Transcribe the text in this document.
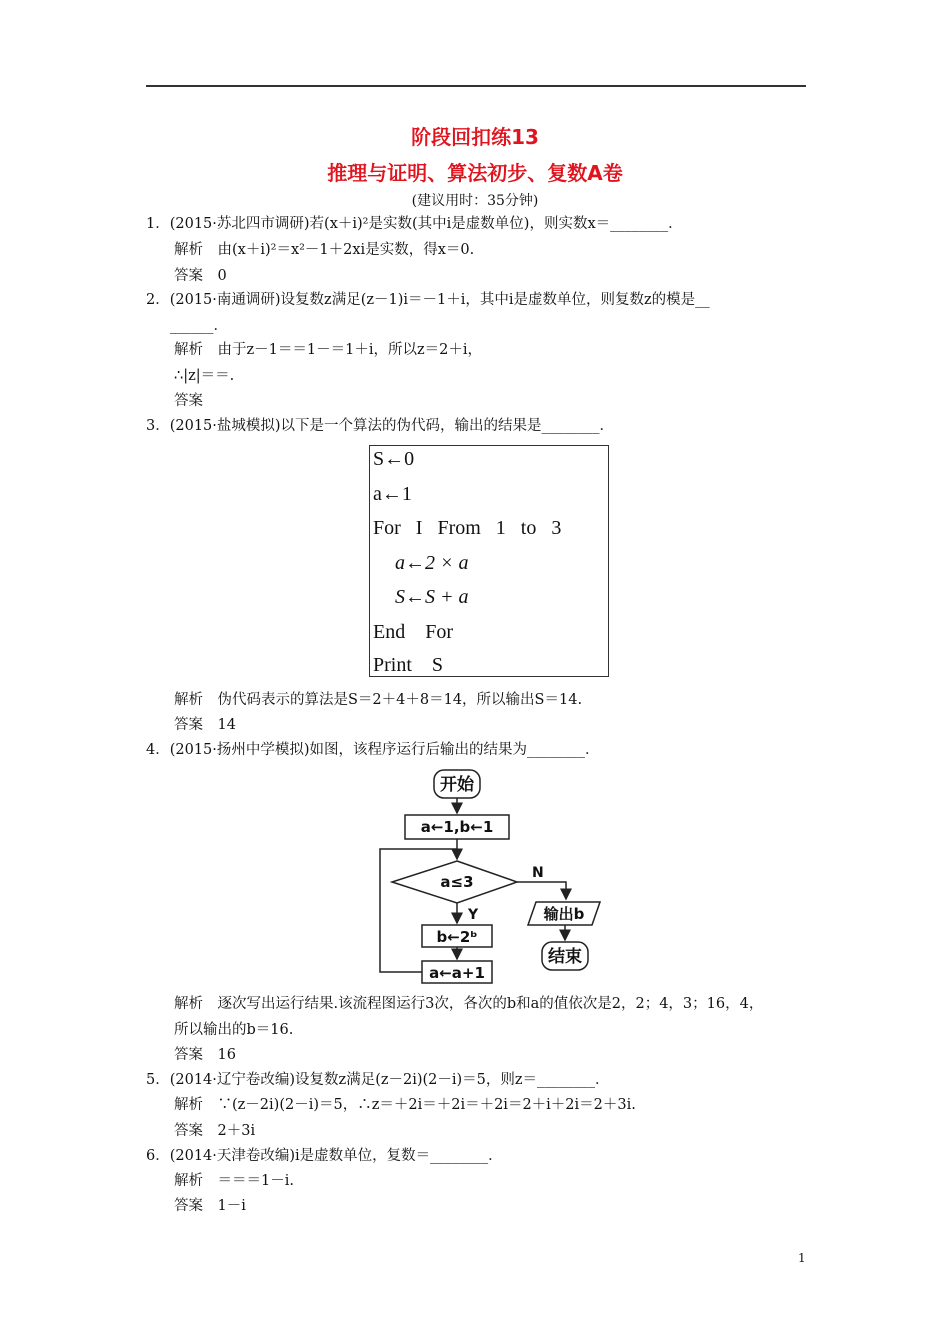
阶段回扣练13
推理与证明、算法初步、复数A卷
(建议用时：35分钟)
1．(2015·苏北四市调研)若(x＋i)²是实数(其中i是虚数单位)，则实数x＝________．
解析　由(x＋i)²＝x²－1＋2xi是实数，得x＝0.
答案　0
2．(2015·南通调研)设复数z满足(z－1)i＝－1＋i，其中i是虚数单位，则复数z的模是__
______．
解析　由于z－1＝＝1－＝1＋i，所以z＝2＋i，
∴|z|＝＝.
答案
3．(2015·盐城模拟)以下是一个算法的伪代码，输出的结果是________．
S←0
a←1
For   I   From   1   to   3
a←2 × a
S←S + a
End    For
Print    S
解析　伪代码表示的算法是S＝2＋4＋8＝14，所以输出S＝14.
答案　14
4．(2015·扬州中学模拟)如图，该程序运行后输出的结果为________．
开始
a←1,b←1
a≤3
Y
N
b←2ᵇ
a←a+1
输出b
结束
解析　逐次写出运行结果.该流程图运行3次，各次的b和a的值依次是2，2；4，3；16，4，
所以输出的b＝16.
答案　16
5．(2014·辽宁卷改编)设复数z满足(z－2i)(2－i)＝5，则z＝________．
解析　∵(z－2i)(2－i)＝5，∴z＝＋2i＝＋2i＝＋2i＝2＋i＋2i＝2＋3i.
答案　2＋3i
6．(2014·天津卷改编)i是虚数单位，复数＝________．
解析　＝＝＝1－i.
答案　1－i
1
